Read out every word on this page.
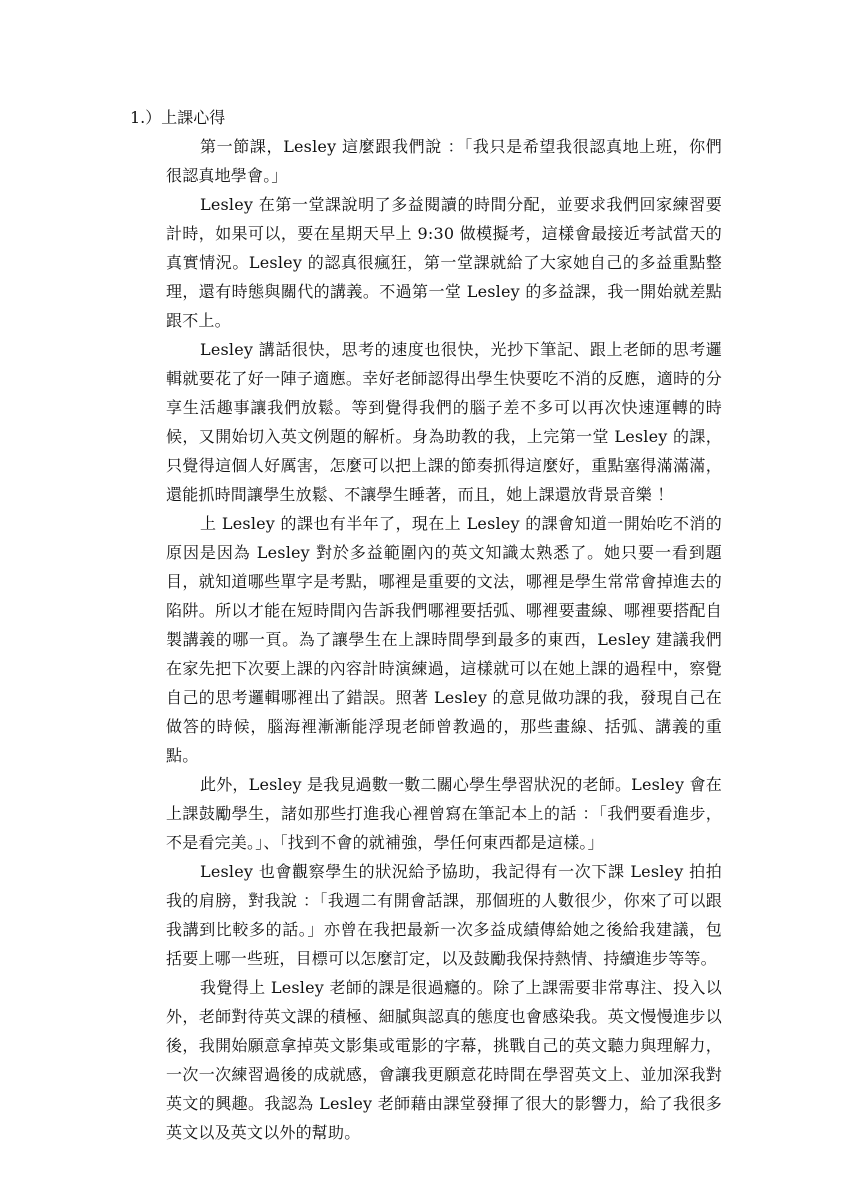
1.）上課心得

第一節課，Lesley 這麼跟我們說 ：「我只是希望我很認真地上班，你們很認真地學會。」

Lesley 在第一堂課說明了多益閱讀的時間分配，並要求我們回家練習要計時，如果可以，要在星期天早上 9:30 做模擬考，這樣會最接近考試當天的真實情況。Lesley 的認真很瘋狂，第一堂課就給了大家她自己的多益重點整理，還有時態與關代的講義。不過第一堂 Lesley 的多益課，我一開始就差點跟不上。

Lesley 講話很快，思考的速度也很快，光抄下筆記、跟上老師的思考邏輯就要花了好一陣子適應。幸好老師認得出學生快要吃不消的反應，適時的分享生活趣事讓我們放鬆。等到覺得我們的腦子差不多可以再次快速運轉的時候，又開始切入英文例題的解析。身為助教的我，上完第一堂 Lesley 的課，只覺得這個人好厲害，怎麼可以把上課的節奏抓得這麼好，重點塞得滿滿滿，還能抓時間讓學生放鬆、不讓學生睡著，而且，她上課還放背景音樂 ！

上 Lesley 的課也有半年了，現在上 Lesley 的課會知道一開始吃不消的原因是因為 Lesley 對於多益範圍內的英文知識太熟悉了。她只要一看到題目，就知道哪些單字是考點，哪裡是重要的文法，哪裡是學生常常會掉進去的陷阱。所以才能在短時間內告訴我們哪裡要括弧、哪裡要畫線、哪裡要搭配自製講義的哪一頁。為了讓學生在上課時間學到最多的東西，Lesley 建議我們在家先把下次要上課的內容計時演練過，這樣就可以在她上課的過程中，察覺自己的思考邏輯哪裡出了錯誤。照著 Lesley 的意見做功課的我，發現自己在做答的時候，腦海裡漸漸能浮現老師曾教過的，那些畫線、括弧、講義的重點。

此外，Lesley 是我見過數一數二關心學生學習狀況的老師。Lesley 會在上課鼓勵學生，諸如那些打進我心裡曾寫在筆記本上的話 ：「我們要看進步，不是看完美。」、「找到不會的就補強，學任何東西都是這樣。」

Lesley 也會觀察學生的狀況給予協助，我記得有一次下課 Lesley 拍拍我的肩膀，對我說 ：「我週二有開會話課，那個班的人數很少，你來了可以跟我講到比較多的話。」亦曾在我把最新一次多益成績傳給她之後給我建議，包括要上哪一些班，目標可以怎麼訂定，以及鼓勵我保持熱情、持續進步等等。

我覺得上 Lesley 老師的課是很過癮的。除了上課需要非常專注、投入以外，老師對待英文課的積極、細膩與認真的態度也會感染我。英文慢慢進步以後，我開始願意拿掉英文影集或電影的字幕，挑戰自己的英文聽力與理解力，一次一次練習過後的成就感，會讓我更願意花時間在學習英文上、並加深我對英文的興趣。我認為 Lesley 老師藉由課堂發揮了很大的影響力，給了我很多英文以及英文以外的幫助。
